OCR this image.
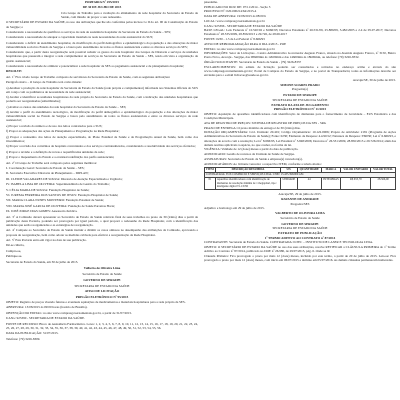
PORTARIA Nº 255/2015

DE 30 DE JULHO DE 2015

Cria Grupo de Trabalho para a avaliação do alinhamento da rede hospitalar da Secretaria de Estado da Saúde, com missão de propor o seu redesenho.

O SECRETÁRIO DE ESTADO DA SAÚDE, no uso das atribuições que lhe são conferidas pelos incisos I e II do art. 90 da Constituição do Estado de Sergipe; e

Considerando a necessidade de qualificar os serviços da rede de assistência hospitalar da Secretaria de Estado da Saúde – SES;

Considerando a necessidade de adequar a capacidade instalada às reais necessidades da rede assistencial do SUS;

Considerando o déficit de atendimento hospitalar, da modificação do perfil demográfico e epidemiológico da população e das alterações de maior vulnerabilidade social no Estado de Sergipe e a busca pelo atendimento de todos os fluxos assistenciais e entre os diversos serviços da SES;

Considerando que, a partir desta reorganização será possível reduzir os gastos da rede hospitalar dos Grupos de Diretoria e serviços de unidades hospitalares que passaram a integrar a rede complementar de serviços da Secretaria de Estado da Saúde – SES, tendo em vista a organização da gestão assistencial;

Considerando a necessidade de otimizar e potencializar a rede hospitalar da SES ao pagamento assistencial e de planejamento hospitalar;

RESOLVE:

Art. 1º Fica criado Grupo de Trabalho composto de servidores da Secretaria de Estado da Saúde, com as seguintes atribuições:

Parágrafo único – O Grupo de Trabalho terá como missão:

a) Analisar a produção da rede hospitalar da Secretaria de Estado da Saúde (rede própria e complementar) informada nos Sistemas Oficiais do SUS em cotejo com os parâmetros de necessidade da rede assistencial;

b) Avaliar e identificar as unidades hospitalares da rede própria da Secretaria de Estado da Saúde, com a indicação das unidades hospitalares que poderão ser reorganizadas (subutilizadas);

c) Avaliar os custos das unidades da rede hospitalar da Secretaria de Estado da Saúde – SES;

d) Avaliar o perfil do atendimento tecnológico, da modificação do perfil demográfico e epidemiológico da população e das alterações de maior vulnerabilidade social no Estado de Sergipe e busca pelo atendimento de todos os fluxos assistenciais e entre os diversos serviços da rede assistencial;

e) Propor a revisão do número e de uso dos leitos contratados para o SUS;

f) Propor as adequações das ações de Planejamento e Programação na Rede Hospitalar;

g) Propor o redesenho dos leitos de atenção especializada, do Plano Estadual de Saúde e da Programação Anual de Saúde, bem como dos investimentos;

h) Propor a revisão dos convênios de hospitais conveniados e dos serviços contratualizados, considerando a resolutividade dos serviços ofertados;

i) Propor a revisão e a definição de novas e requalificadas unidades da rede;

j) Propor o mapeamento do Estado e a eventual redefinição dos perfis assistenciais;

Art. 2º O Grupo de Trabalho será composto pelos seguintes membros:

I. Coordenação Geral: Secretaria de Estado da Saúde – SES;

II. Secretaria Executiva: Diretoria de Planejamento – DIPLAN;

III. CLEIDE VALADARES DE SOUZA: Diretoria de Atenção Especializada e Urgência;

IV. ISABELA LIMA DE OLIVEIRA: Superintendência de Gestão do Trabalho;

V. CÉLIA MARIA DE SOUZA: Fundação Hospitalar de Saúde;

VI. JUREMA FERREIRA DOS SANTOS DE JESUS: Fundação Hospitalar de Saúde;

VII. MARIA CLARA NUNES MONTEIRO: Fundação Estadual de Saúde;

VIII. MARIA JOSÉ GARCIA DE OLIVEIRA: Fundação de Saúde Parreiras Horta;

IX. JOSÉ JORGE DIAS GOMES: Assessoria Jurídica.

Art. 3º A Comissão deverá apresentar ao Secretário de Estado da Saúde relatório final de seus trabalhos no prazo de 30 (trinta) dias a partir da publicação desta Portaria, podendo ser prorrogado por igual período, o qual proporá o redesenho da Rede Hospitalar, com a identificação das unidades que serão reorganizadas e as estratégias de reorganização.

Art. 4º Compete ao Secretário de Estado da Saúde instruir e dirimir os casos omissos no desempenho das atribuições da Comissão, aprovando a proposta de reorganização, bem como adotar as medidas cabíveis para efetivar a reorganização da Rede Hospitalar.

Art. 5º Esta Portaria entra em vigor na data de sua publicação.

Dê-se ciência,

Cumpra-se,

Publique-se.

Secretaria de Estado da Saúde, em 30 de julho de 2015.

Valberto de Oliveira Lima

Secretário de Estado da Saúde

GOVERNO DE SERGIPE

SECRETARIA DE ESTADO DA SAÚDE

AVISO DE LICITAÇÃO

PREGÃO ELETRÔNICO Nº 95/2015

OBJETO: Registro de preços visando futuras e eventuais aquisições de medicamentos e materiais hospitalares para a rede própria da SES.

ABERTURA: 13/08/2015 às 09:00 horas (horário de Brasília).

OBTENÇÃO DO EDITAL: no site www.comprasgovernamentais.gov.br, a partir de 31/07/2015.

UASG: 925390 - SECRETARIA DE ESTADO DA SAÚDE.

FONTE DE RECURSO: Bloco de Assistência Farmacêutica. Lotes: 1, 2, 3, 4, 5, 6, 7, 8, 9, 10, 11, 12, 13, 14, 15, 16, 17, 18, 19, 20, 21, 22, 23, 24, 25, 26, 27, 28, 29, 30, 31, 32, 33, 34, 35, 36, 37, 38, 39, 40, 41, 42, 43, 44, 45, 46, 47, 48, 49, 50, 51, 52, 53, 54, 55, 56.

DATA DA PUBLICAÇÃO: 31/07/2015.

Telefone: (79) 3226-8309.

pnsedema.

PUBLICADO NO DOU DE: 07/11/2014 - Seção 3

PROCESSO Nº: 020-000214/64/2015-4

DATA DE ABERTURA: 19/08/2015 às 08:00 h

LOCAL: www.comprasgovernamentais.gov.br

UASG: 925396 - SECRETARIA DE ESTADO DA SAÚDE

BASE LEGAL: Leis Federais nº 10.520/02 e 8.666/93; Decretos Estaduais nº 26.531/09, 25.889/09, 5.482/2005 e 2.4 de 05.07.2017; Decretos Estaduais nº 28.535/2009, 28.856/2013 e 29.726, de 28.06.2017

FONTE: 0230 - 1.5 da Lei Federal nº 8.666/93

AVISO DE REPROGRAMAÇÃO PARA O DIA 4/2015 - POE

EDITAL: no site www.comprasgovernamentais.gov.br

INFORMAÇÕES: Setor de Licitações - Centro Administrativo Governador Augusto Franco, situado na Avenida Augusto Franco, nº 3150, Bairro Ponto Novo, Aracaju - Sergipe, das 08h00min às 12h00min e das 14h00min às 18h00min, ou telefone: (79) 3226-8332.

ÓRGÃO SOLICITANTE: Secretaria de Estado da Saúde - (79) 3226-8337

ESCLARECIMENTOS: Os editais de licitação poderão ser consultados e retirados no endereço acima e através do site www.comprasgovernamentais.gov.br; Portal de Compras do Estado de Sergipe, e no portal da Transparência; todas as informações deverão ser enviadas para o e-mail licitacao@saude.se.gov.br.

Aracaju/SE, 30 de julho de 2015.

SIMONE SOARES PRADO

Pregoeira(o)

ESTADO DE SERGIPE

SECRETARIA DE ESTADO DA SAÚDE

EXTRATO DA ATA DE JULGAMENTO

PREGÃO ELETRÔNICO Nº 11/2015

OBJETO: Aquisição de aparelhos identificadores com identificação de diamantes para o fornecimento de Gravidade – EUS Estatística e das Condições Municipais.

ATA DE REGISTRO DE PREÇOS: SISTEMA DE REGISTRO DE PREÇOS DA SES - SRG

PRAZO DE ENTREGA: O prazo máximo de entrega é de 30 (trinta) dias.

DOTAÇÃO ORÇAMENTÁRIA: Cód. Unidade: 20.401; Código Orçamentário: 10.122.0006; Projeto de Atividade: 2181 (Programa de Ações Administrativas da Secretaria de Estado da Saúde); Fonte: 0230; Elemento de Despesa: 4.4.90.52; Natureza da Despesa: 339030; Lei nº 6.666/93, e alterações de acordo com a resolução; Lei nº 8.666/93, Lei Estadual nº 5.848/2006; Decretos nº 26.531/2009, 28.856/2013 e 29.726/2014; além das demais normas aplicáveis à espécie, no que couber, na forma da lei.

VIGÊNCIA: Validade de 12 (doze) meses a partir da data de publicação.

ADJUDICADO: Gestão de recursos da Unidade de Saúde de Sergipe.

ASSINATURAS: Secretaria de Estado da Saúde e empresa(s) vencedora(s).

ADJUDICATÁRIOS: Ao licitante vencedor o respectivo ITEM, conforme a tabela abaixo:

ITEM	DESCRIÇÃO RESUMIDA	UN.	QUANTIDADE	MARCA	VALOR UNITÁRIO	VALOR TOTAL
CONTRATADA: FOX COMÉRCIO E SERVIÇOS LTDA. CNPJ: 15.435.396/0001-84						
01	Aparelhos identificadores com identificação de diamantes de resolução mínima de 1 megapixel, tipo: inteligente digital T1.1/UNI	UNIDADE	44	INTELBRAS	R$ 655,70	28.366,90

Aracaju/SE, 29 de julho de 2015.

RAVANNE DE ANDRADE

Pregoeira/SES

Adjudico e homologo em 29 de julho de 2015.

VALBERTO DE OLIVEIRA LIMA

Secretário de Estado da Saúde

GOVERNO DE SERGIPE

SECRETARIA DE ESTADO DA SAÚDE

EXTRATO DE PUBLICAÇÃO

1º TERMO ADITIVO AO CONTRATO nº 87/2014

CONTRATANTE: Secretaria de Estado da Saúde. CONTRATADA: ILTEC – INSTITUTO DE LASER E TECNOLOGIA LTDA.

OBJETO: O SECRETÁRIO DE ESTADO DA SAÚDE no uso das suas atribuições, resolve RETIFICAR a CLÁUSULA PRIMEIRA do 1º Termo Aditivo ao Contrato nº 87/2014, publicado no DOE nº 26.980, de 29/07/2015, pág. 6. Onde se lê:

Cláusula Primeira: Fica prorrogado o prazo por mais 12 (doze) meses, incluído por este termo, a partir de 20 de julho de 2015. Leia-se: Fica prorrogado o prazo por mais 12 (doze) meses, com início em 06/07/2015 e término em 05/07/2016. As demais cláusulas permanecem inalteradas.
